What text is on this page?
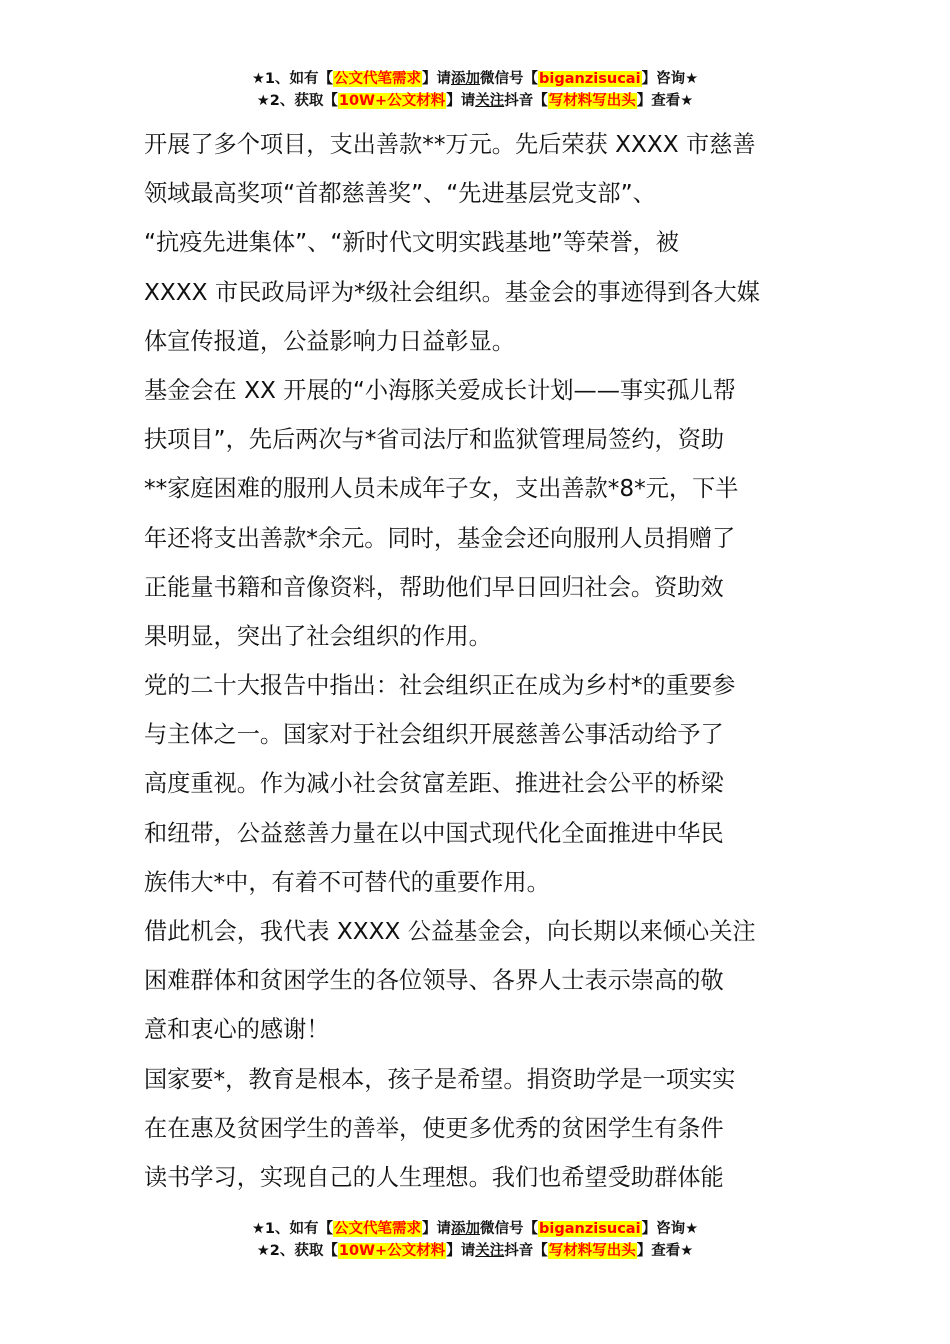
★1、如有【公文代笔需求】请添加微信号【biganzisucai】咨询★
★2、获取【10W+公文材料】请关注抖音【写材料写出头】查看★

开展了多个项目，支出善款**万元。先后荣获 XXXX 市慈善
领域最高奖项“首都慈善奖”、“先进基层党支部”、
“抗疫先进集体”、“新时代文明实践基地”等荣誉，被
XXXX 市民政局评为*级社会组织。基金会的事迹得到各大媒
体宣传报道，公益影响力日益彰显。

基金会在 XX 开展的“小海豚关爱成长计划——事实孤儿帮
扶项目”，先后两次与*省司法厅和监狱管理局签约，资助
**家庭困难的服刑人员未成年子女，支出善款*8*元，下半
年还将支出善款*余元。同时，基金会还向服刑人员捐赠了
正能量书籍和音像资料，帮助他们早日回归社会。资助效
果明显，突出了社会组织的作用。

党的二十大报告中指出：社会组织正在成为乡村*的重要参
与主体之一。国家对于社会组织开展慈善公事活动给予了
高度重视。作为减小社会贫富差距、推进社会公平的桥梁
和纽带，公益慈善力量在以中国式现代化全面推进中华民
族伟大*中，有着不可替代的重要作用。

借此机会，我代表 XXXX 公益基金会，向长期以来倾心关注
困难群体和贫困学生的各位领导、各界人士表示崇高的敬
意和衷心的感谢！

国家要*，教育是根本，孩子是希望。捐资助学是一项实实
在在惠及贫困学生的善举，使更多优秀的贫困学生有条件
读书学习，实现自己的人生理想。我们也希望受助群体能

★1、如有【公文代笔需求】请添加微信号【biganzisucai】咨询★
★2、获取【10W+公文材料】请关注抖音【写材料写出头】查看★
